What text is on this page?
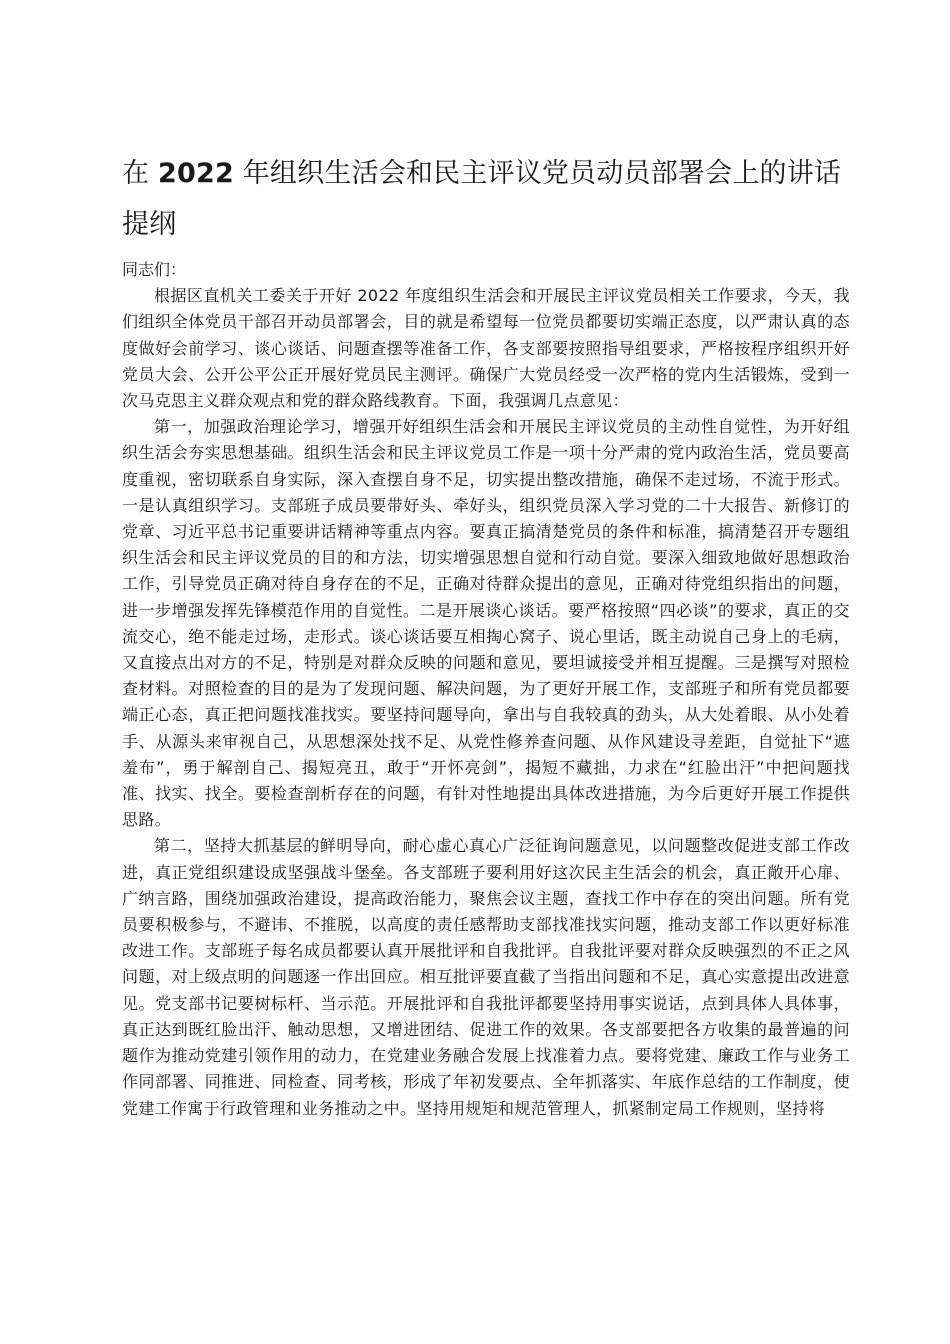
在 2022 年组织生活会和民主评议党员动员部署会上的讲话提纲

同志们：

根据区直机关工委关于开好 2022 年度组织生活会和开展民主评议党员相关工作要求，今天，我们组织全体党员干部召开动员部署会，目的就是希望每一位党员都要切实端正态度，以严肃认真的态度做好会前学习、谈心谈话、问题查摆等准备工作，各支部要按照指导组要求，严格按程序组织开好党员大会、公开公平公正开展好党员民主测评。确保广大党员经受一次严格的党内生活锻炼，受到一次马克思主义群众观点和党的群众路线教育。下面，我强调几点意见：

第一，加强政治理论学习，增强开好组织生活会和开展民主评议党员的主动性自觉性，为开好组织生活会夯实思想基础。组织生活会和民主评议党员工作是一项十分严肃的党内政治生活，党员要高度重视，密切联系自身实际，深入查摆自身不足，切实提出整改措施，确保不走过场，不流于形式。一是认真组织学习。支部班子成员要带好头、牵好头，组织党员深入学习党的二十大报告、新修订的党章、习近平总书记重要讲话精神等重点内容。要真正搞清楚党员的条件和标准，搞清楚召开专题组织生活会和民主评议党员的目的和方法，切实增强思想自觉和行动自觉。要深入细致地做好思想政治工作，引导党员正确对待自身存在的不足，正确对待群众提出的意见，正确对待党组织指出的问题，进一步增强发挥先锋模范作用的自觉性。二是开展谈心谈话。要严格按照“四必谈”的要求，真正的交流交心，绝不能走过场，走形式。谈心谈话要互相掏心窝子、说心里话，既主动说自己身上的毛病，又直接点出对方的不足，特别是对群众反映的问题和意见，要坦诚接受并相互提醒。三是撰写对照检查材料。对照检查的目的是为了发现问题、解决问题，为了更好开展工作，支部班子和所有党员都要端正心态，真正把问题找准找实。要坚持问题导向，拿出与自我较真的劲头，从大处着眼、从小处着手、从源头来审视自己，从思想深处找不足、从党性修养查问题、从作风建设寻差距，自觉扯下“遮羞布”，勇于解剖自己、揭短亮丑，敢于“开怀亮剑”，揭短不藏拙，力求在“红脸出汗”中把问题找准、找实、找全。要检查剖析存在的问题，有针对性地提出具体改进措施，为今后更好开展工作提供思路。

第二，坚持大抓基层的鲜明导向，耐心虚心真心广泛征询问题意见，以问题整改促进支部工作改进，真正党组织建设成坚强战斗堡垒。各支部班子要利用好这次民主生活会的机会，真正敞开心扉、广纳言路，围绕加强政治建设，提高政治能力，聚焦会议主题，查找工作中存在的突出问题。所有党员要积极参与，不避讳、不推脱，以高度的责任感帮助支部找准找实问题，推动支部工作以更好标准改进工作。支部班子每名成员都要认真开展批评和自我批评。自我批评要对群众反映强烈的不正之风问题，对上级点明的问题逐一作出回应。相互批评要直截了当指出问题和不足，真心实意提出改进意见。党支部书记要树标杆、当示范。开展批评和自我批评都要坚持用事实说话，点到具体人具体事，真正达到既红脸出汗、触动思想，又增进团结、促进工作的效果。各支部要把各方收集的最普遍的问题作为推动党建引领作用的动力，在党建业务融合发展上找准着力点。要将党建、廉政工作与业务工作同部署、同推进、同检查、同考核，形成了年初发要点、全年抓落实、年底作总结的工作制度，使党建工作寓于行政管理和业务推动之中。坚持用规矩和规范管理人，抓紧制定局工作规则，坚持将
